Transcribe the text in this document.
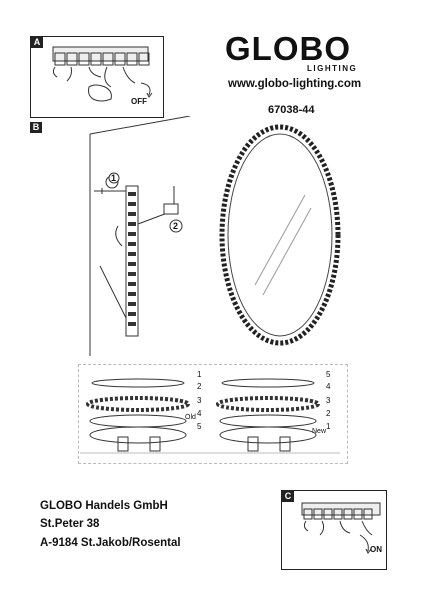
GLOBO
LIGHTING
www.globo-lighting.com
67038-44
A
OFF
B
1
2
1
2
3
4
5
Old
5
4
3
2
1
New
GLOBO Handels GmbH
St.Peter 38
A-9184 St.Jakob/Rosental
C
ON
